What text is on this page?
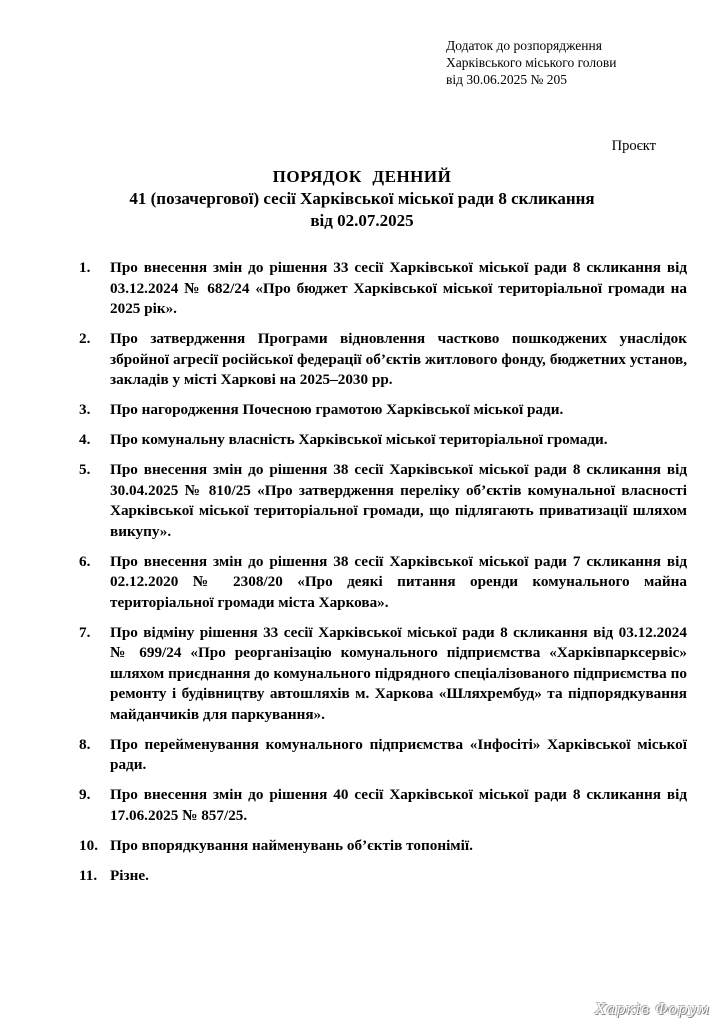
Додаток до розпорядження
Харківського міського голови
від 30.06.2025 № 205
Проєкт
ПОРЯДОК ДЕННИЙ
41 (позачергової) сесії Харківської міської ради 8 скликання
від 02.07.2025
1.	Про внесення змін до рішення 33 сесії Харківської міської ради 8 скликання від 03.12.2024 № 682/24 «Про бюджет Харківської міської територіальної громади на 2025 рік».
2.	Про затвердження Програми відновлення частково пошкоджених унаслідок збройної агресії російської федерації об’єктів житлового фонду, бюджетних установ, закладів у місті Харкові на 2025–2030 рр.
3.	Про нагородження Почесною грамотою Харківської міської ради.
4.	Про комунальну власність Харківської міської територіальної громади.
5.	Про внесення змін до рішення 38 сесії Харківської міської ради 8 скликання від 30.04.2025 № 810/25 «Про затвердження переліку об’єктів комунальної власності Харківської міської територіальної громади, що підлягають приватизації шляхом викупу».
6.	Про внесення змін до рішення 38 сесії Харківської міської ради 7 скликання від 02.12.2020 № 2308/20 «Про деякі питання оренди комунального майна територіальної громади міста Харкова».
7.	Про відміну рішення 33 сесії Харківської міської ради 8 скликання від 03.12.2024 № 699/24 «Про реорганізацію комунального підприємства «Харківпарксервіс» шляхом приєднання до комунального підрядного спеціалізованого підприємства по ремонту і будівництву автошляхів м. Харкова «Шляхрембуд» та підпорядкування майданчиків для паркування».
8.	Про перейменування комунального підприємства «Інфосіті» Харківської міської ради.
9.	Про внесення змін до рішення 40 сесії Харківської міської ради 8 скликання від 17.06.2025 № 857/25.
10. Про впорядкування найменувань об’єктів топонімії.
11. Різне.
Харків Форум
